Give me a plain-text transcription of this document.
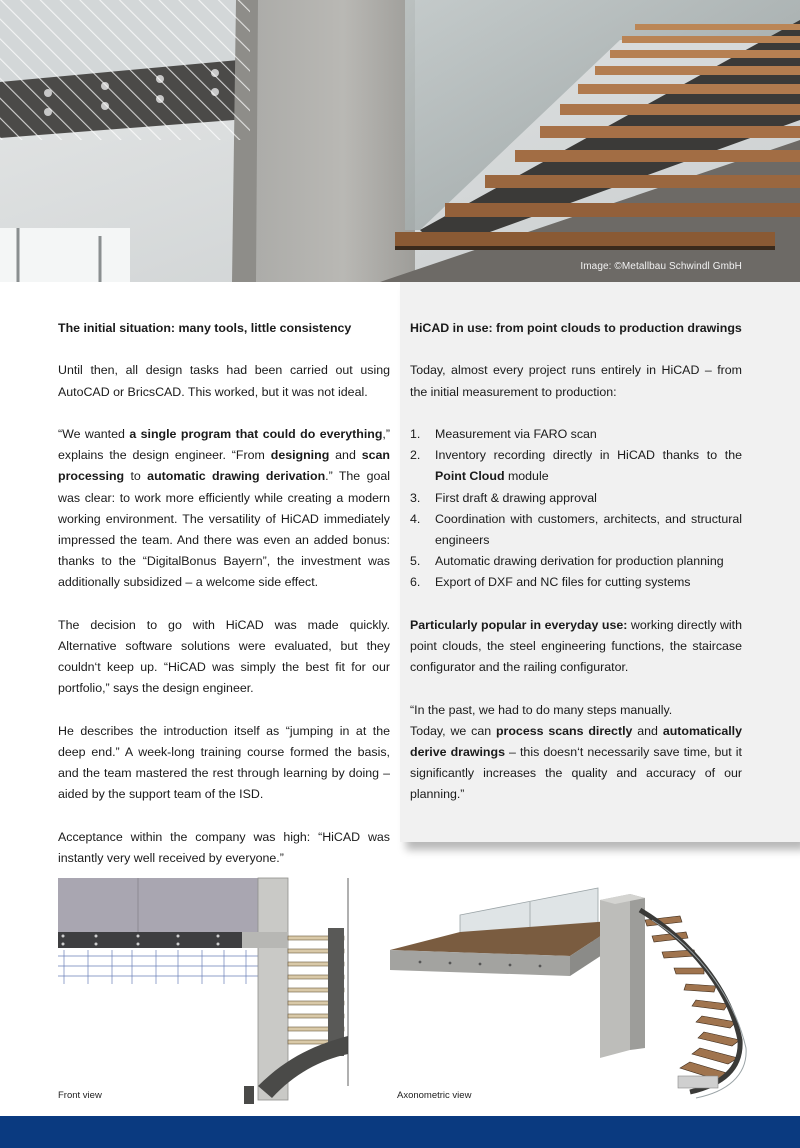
Image: ©Metallbau Schwindl GmbH

The initial situation: many tools, little consistency

Until then, all design tasks had been carried out using AutoCAD or BricsCAD. This worked, but it was not ideal.

“We wanted a single program that could do everything,” explains the design engineer. “From designing and scan processing to automatic drawing derivation.” The goal was clear: to work more efficiently while creating a modern working environment. The versatility of HiCAD immediately impressed the team. And there was even an added bonus: thanks to the “DigitalBonus Bayern”, the investment was additionally subsidized – a welcome side effect.

The decision to go with HiCAD was made quickly. Alternative software solutions were evaluated, but they couldn‘t keep up. “HiCAD was simply the best fit for our portfolio,” says the design engineer.

He describes the introduction itself as “jumping in at the deep end.” A week-long training course formed the basis, and the team mastered the rest through learning by doing – aided by the support team of the ISD.

Acceptance within the company was high: “HiCAD was instantly very well received by everyone.”

HiCAD in use: from point clouds to production drawings

Today, almost every project runs entirely in HiCAD – from the initial measurement to production:

1.	Measurement via FARO scan
2.	Inventory recording directly in HiCAD thanks to the Point Cloud module
3.	First draft & drawing approval
4.	Coordination with customers, architects, and structural engineers
5.	Automatic drawing derivation for production planning
6.	Export of DXF and NC files for cutting systems

Particularly popular in everyday use: working directly with point clouds, the steel engineering functions, the staircase configurator and the railing configurator.

“In the past, we had to do many steps manually.
Today, we can process scans directly and automatically derive drawings – this doesn‘t necessarily save time, but it significantly increases the quality and accuracy of our planning.”

Front view	Axonometric view
